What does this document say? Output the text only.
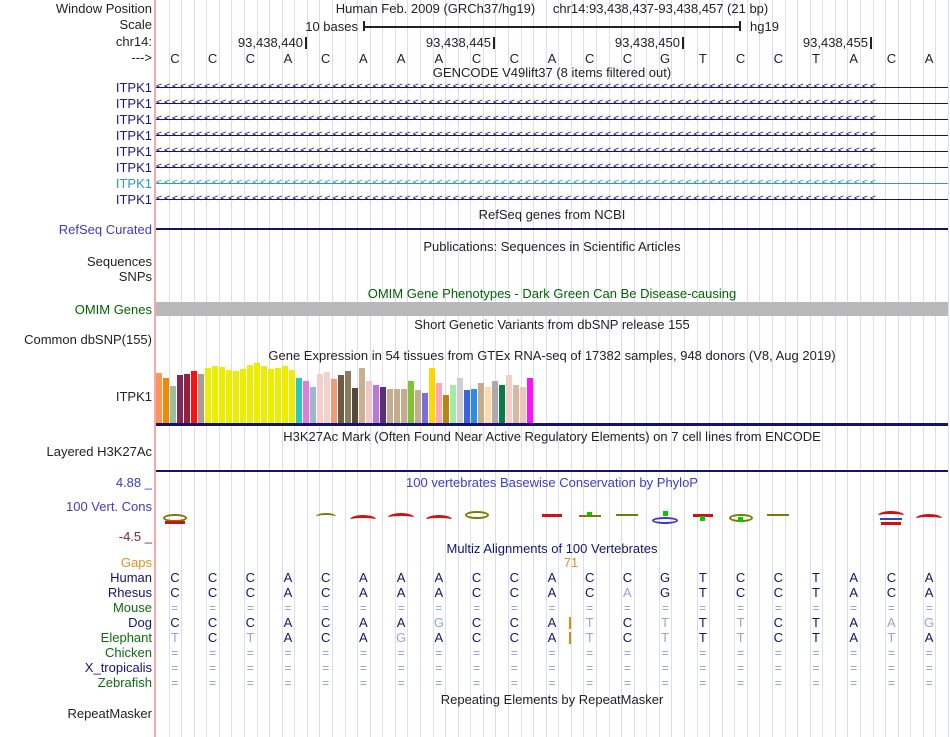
Window Position	Human Feb. 2009 (GRCh37/hg19) chr14:93,438,437-93,438,457 (21 bp)
Scale	10 bases	hg19
chr14:	93,438,440	93,438,445	93,438,450	93,438,455
--->	C	C	C	A	C	A	A	A	C	C	A	C	C	G	T	C	C	T	A	C	A
GENCODE V49lift37 (8 items filtered out)
ITPK1 <<<<<<<<<<<<<<<<<<<<<<<<<<<<<<<<<<<<<<<<<<<<<<<<<<<<<<<<<<<<<<<<<<<<<<<<<<<<<<<<<<<<<<<<<<
ITPK1 <<<<<<<<<<<<<<<<<<<<<<<<<<<<<<<<<<<<<<<<<<<<<<<<<<<<<<<<<<<<<<<<<<<<<<<<<<<<<<<<<<<<<<<<<<
ITPK1 <<<<<<<<<<<<<<<<<<<<<<<<<<<<<<<<<<<<<<<<<<<<<<<<<<<<<<<<<<<<<<<<<<<<<<<<<<<<<<<<<<<<<<<<<<
ITPK1 <<<<<<<<<<<<<<<<<<<<<<<<<<<<<<<<<<<<<<<<<<<<<<<<<<<<<<<<<<<<<<<<<<<<<<<<<<<<<<<<<<<<<<<<<<
ITPK1 <<<<<<<<<<<<<<<<<<<<<<<<<<<<<<<<<<<<<<<<<<<<<<<<<<<<<<<<<<<<<<<<<<<<<<<<<<<<<<<<<<<<<<<<<<
ITPK1 <<<<<<<<<<<<<<<<<<<<<<<<<<<<<<<<<<<<<<<<<<<<<<<<<<<<<<<<<<<<<<<<<<<<<<<<<<<<<<<<<<<<<<<<<<
ITPK1 <<<<<<<<<<<<<<<<<<<<<<<<<<<<<<<<<<<<<<<<<<<<<<<<<<<<<<<<<<<<<<<<<<<<<<<<<<<<<<<<<<<<<<<<<<
ITPK1 <<<<<<<<<<<<<<<<<<<<<<<<<<<<<<<<<<<<<<<<<<<<<<<<<<<<<<<<<<<<<<<<<<<<<<<<<<<<<<<<<<<<<<<<<<
RefSeq genes from NCBI
RefSeq Curated
Publications: Sequences in Scientific Articles
Sequences
SNPs
OMIM Gene Phenotypes - Dark Green Can Be Disease-causing
OMIM Genes
Short Genetic Variants from dbSNP release 155
Common dbSNP(155)
Gene Expression in 54 tissues from GTEx RNA-seq of 17382 samples, 948 donors (V8, Aug 2019)
ITPK1
H3K27Ac Mark (Often Found Near Active Regulatory Elements) on 7 cell lines from ENCODE
Layered H3K27Ac
4.88 _	100 vertebrates Basewise Conservation by PhyloP
100 Vert. Cons
-4.5 _
Multiz Alignments of 100 Vertebrates
Gaps	71
Human	C	C	C	A	C	A	A	A	C	C	A	C	C	G	T	C	C	T	A	C	A
Rhesus	C	C	C	A	C	A	A	A	C	C	A	C	A	G	T	C	C	T	A	C	A
Mouse	=	=	=	=	=	=	=	=	=	=	=	=	=	=	=	=	=	=	=	=	=
Dog	C	C	C	A	C	A	A	G	C	C	A	T	C	T	T	T	C	T	A	A	G
Elephant	T	C	T	A	C	A	G	A	C	C	A	T	C	T	T	T	C	T	A	T	A
Chicken	=	=	=	=	=	=	=	=	=	=	=	=	=	=	=	=	=	=	=	=	=
X_tropicalis	=	=	=	=	=	=	=	=	=	=	=	=	=	=	=	=	=	=	=	=	=
Zebrafish	=	=	=	=	=	=	=	=	=	=	=	=	=	=	=	=	=	=	=	=	=
Repeating Elements by RepeatMasker
RepeatMasker
